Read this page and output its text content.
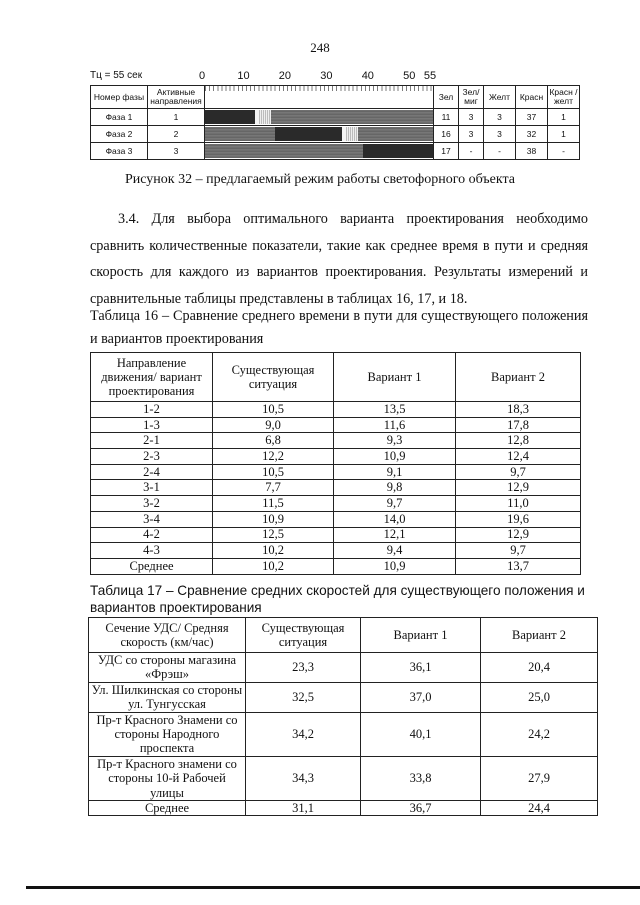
248
Тц = 55 сек	0	10	20	30	40	50 55
Номер фазы	Активные направления		Зел	Зел/ миг	Желт	Красн	Красн /желт
Фаза 1	1		11	3	3	37	1
Фаза 2	2		16	3	3	32	1
Фаза 3	3		17	-	-	38	-
Рисунок 32 – предлагаемый режим работы светофорного объекта
3.4. Для выбора оптимального варианта проектирования необходимо сравнить количественные показатели, такие как среднее время в пути и средняя скорость для каждого из вариантов проектирования. Результаты измерений и сравнительные таблицы представлены в таблицах 16, 17, и 18.
Таблица 16 – Сравнение среднего времени в пути для существующего положения и вариантов проектирования
Направление движения/ вариант проектирования	Существующая ситуация	Вариант 1	Вариант 2
1-2	10,5	13,5	18,3
1-3	9,0	11,6	17,8
2-1	6,8	9,3	12,8
2-3	12,2	10,9	12,4
2-4	10,5	9,1	9,7
3-1	7,7	9,8	12,9
3-2	11,5	9,7	11,0
3-4	10,9	14,0	19,6
4-2	12,5	12,1	12,9
4-3	10,2	9,4	9,7
Среднее	10,2	10,9	13,7
Таблица 17 – Сравнение средних скоростей для существующего положения и вариантов проектирования
Сечение УДС/ Средняя скорость (км/час)	Существующая ситуация	Вариант 1	Вариант 2
УДС со стороны магазина «Фрэш»	23,3	36,1	20,4
Ул. Шилкинская со стороны ул. Тунгусская	32,5	37,0	25,0
Пр-т Красного Знамени со стороны Народного проспекта	34,2	40,1	24,2
Пр-т Красного знамени со стороны 10-й Рабочей улицы	34,3	33,8	27,9
Среднее	31,1	36,7	24,4
